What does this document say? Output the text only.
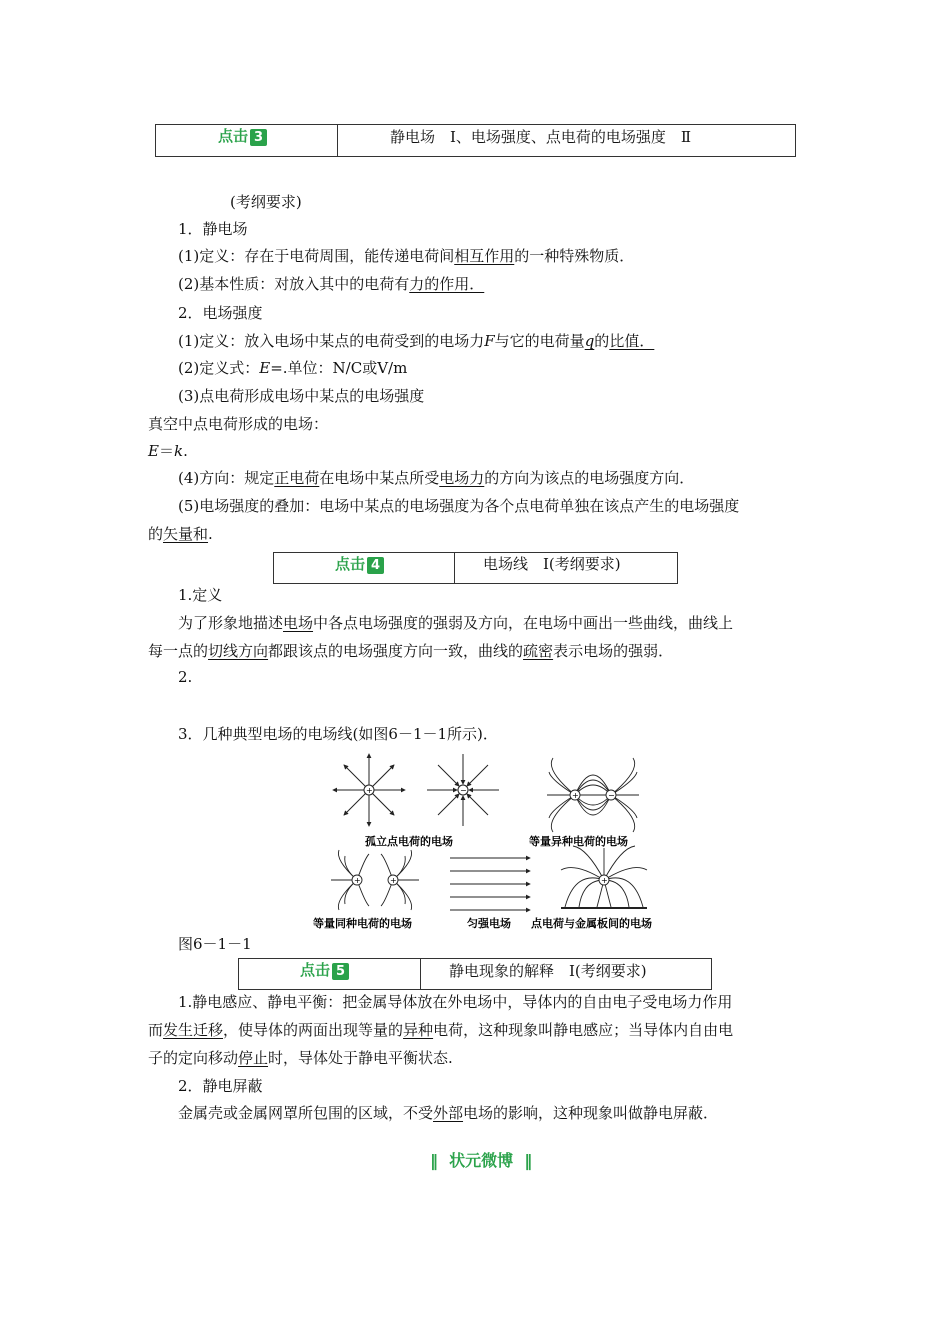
点击 3	静电场　Ⅰ、电场强度、点电荷的电场强度　Ⅱ
(考纲要求)
1．静电场
(1)定义：存在于电荷周围，能传递电荷间相互作用的一种特殊物质．
(2)基本性质：对放入其中的电荷有力的作用．
2．电场强度
(1)定义：放入电场中某点的电荷受到的电场力F与它的电荷量q的比值．
(2)定义式：E=.单位：N/C或V/m
(3)点电荷形成电场中某点的电场强度
真空中点电荷形成的电场：
E＝k.
(4)方向：规定正电荷在电场中某点所受电场力的方向为该点的电场强度方向．
(5)电场强度的叠加：电场中某点的电场强度为各个点电荷单独在该点产生的电场强度
的矢量和.
点击 4	电场线　Ⅰ(考纲要求)
1.定义
为了形象地描述电场中各点电场强度的强弱及方向，在电场中画出一些曲线，曲线上
每一点的切线方向都跟该点的电场强度方向一致，曲线的疏密表示电场的强弱．
2.
3．几种典型电场的电场线(如图6－1－1所示)．
+	−
+	−
孤立点电荷的电场	等量异种电荷的电场
+	+	+
等量同种电荷的电场	匀强电场 点电荷与金属板间的电场
图6－1－1
点击 5	静电现象的解释　Ⅰ(考纲要求)
1.静电感应、静电平衡：把金属导体放在外电场中，导体内的自由电子受电场力作用
而发生迁移，使导体的两面出现等量的异种电荷，这种现象叫静电感应；当导体内自由电
子的定向移动停止时，导体处于静电平衡状态.
2．静电屏蔽
金属壳或金属网罩所包围的区域，不受外部电场的影响，这种现象叫做静电屏蔽．
‖ 状元微博 ‖
